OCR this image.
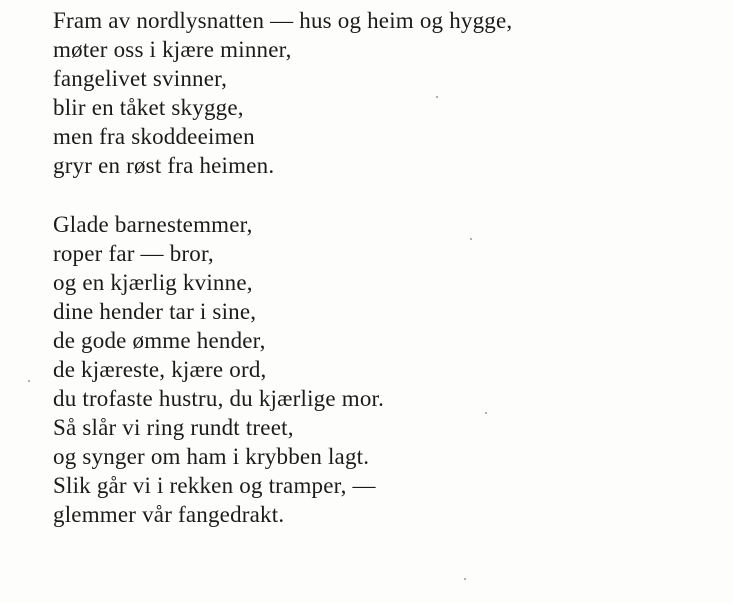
Fram av nordlysnatten — hus og heim og hygge,
møter oss i kjære minner,
fangelivet svinner,
blir en tåket skygge,
men fra skoddeeimen
gryr en røst fra heimen.
Glade barnestemmer,
roper far — bror,
og en kjærlig kvinne,
dine hender tar i sine,
de gode ømme hender,
de kjæreste, kjære ord,
du trofaste hustru, du kjærlige mor.
Så slår vi ring rundt treet,
og synger om ham i krybben lagt.
Slik går vi i rekken og tramper, —
glemmer vår fangedrakt.
